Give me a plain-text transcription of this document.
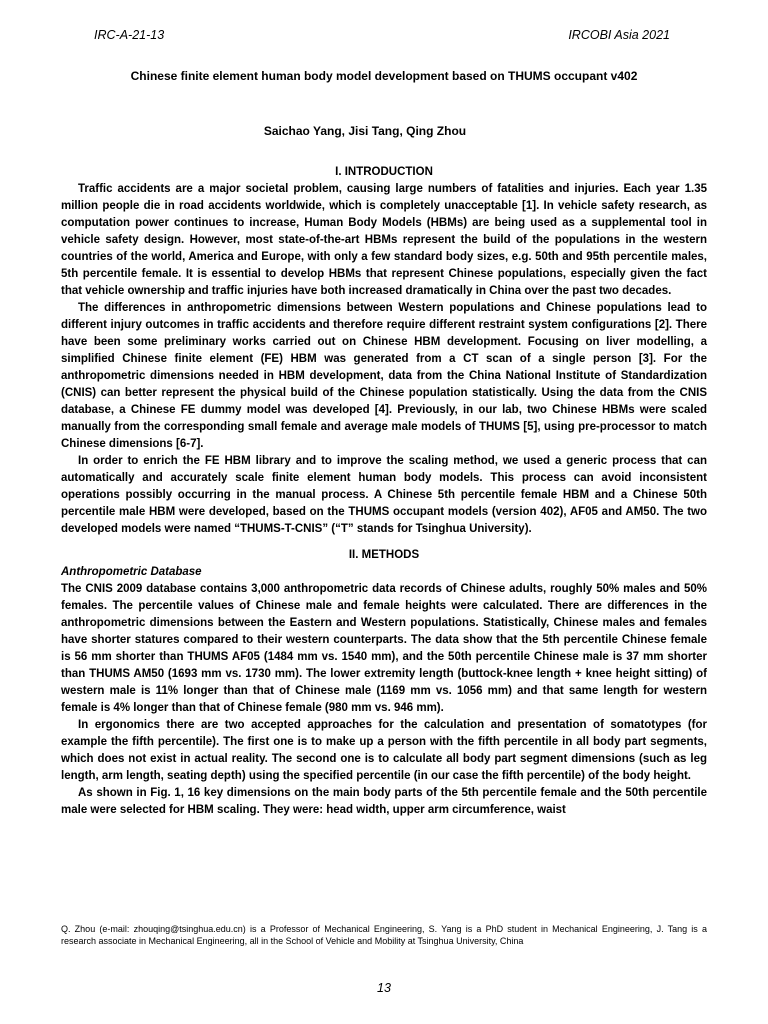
IRC-A-21-13	IRCOBI Asia 2021
Chinese finite element human body model development based on THUMS occupant v402
Saichao Yang, Jisi Tang, Qing Zhou

I. INTRODUCTION

Traffic accidents are a major societal problem, causing large numbers of fatalities and injuries. Each year 1.35 million people die in road accidents worldwide, which is completely unacceptable [1]. In vehicle safety research, as computation power continues to increase, Human Body Models (HBMs) are being used as a supplemental tool in vehicle safety design. However, most state-of-the-art HBMs represent the build of the populations in the western countries of the world, America and Europe, with only a few standard body sizes, e.g. 50th and 95th percentile males, 5th percentile female. It is essential to develop HBMs that represent Chinese populations, especially given the fact that vehicle ownership and traffic injuries have both increased dramatically in China over the past two decades.

The differences in anthropometric dimensions between Western populations and Chinese populations lead to different injury outcomes in traffic accidents and therefore require different restraint system configurations [2]. There have been some preliminary works carried out on Chinese HBM development. Focusing on liver modelling, a simplified Chinese finite element (FE) HBM was generated from a CT scan of a single person [3]. For the anthropometric dimensions needed in HBM development, data from the China National Institute of Standardization (CNIS) can better represent the physical build of the Chinese population statistically. Using the data from the CNIS database, a Chinese FE dummy model was developed [4]. Previously, in our lab, two Chinese HBMs were scaled manually from the corresponding small female and average male models of THUMS [5], using pre-processor to match Chinese dimensions [6-7].

In order to enrich the FE HBM library and to improve the scaling method, we used a generic process that can automatically and accurately scale finite element human body models. This process can avoid inconsistent operations possibly occurring in the manual process. A Chinese 5th percentile female HBM and a Chinese 50th percentile male HBM were developed, based on the THUMS occupant models (version 402), AF05 and AM50. The two developed models were named “THUMS-T-CNIS” (“T” stands for Tsinghua University).

II. METHODS

Anthropometric Database

The CNIS 2009 database contains 3,000 anthropometric data records of Chinese adults, roughly 50% males and 50% females. The percentile values of Chinese male and female heights were calculated. There are differences in the anthropometric dimensions between the Eastern and Western populations. Statistically, Chinese males and females have shorter statures compared to their western counterparts. The data show that the 5th percentile Chinese female is 56 mm shorter than THUMS AF05 (1484 mm vs. 1540 mm), and the 50th percentile Chinese male is 37 mm shorter than THUMS AM50 (1693 mm vs. 1730 mm). The lower extremity length (buttock-knee length + knee height sitting) of western male is 11% longer than that of Chinese male (1169 mm vs. 1056 mm) and that same length for western female is 4% longer than that of Chinese female (980 mm vs. 946 mm).

In ergonomics there are two accepted approaches for the calculation and presentation of somatotypes (for example the fifth percentile). The first one is to make up a person with the fifth percentile in all body part segments, which does not exist in actual reality. The second one is to calculate all body part segment dimensions (such as leg length, arm length, seating depth) using the specified percentile (in our case the fifth percentile) of the body height.

As shown in Fig. 1, 16 key dimensions on the main body parts of the 5th percentile female and the 50th percentile male were selected for HBM scaling. They were: head width, upper arm circumference, waist

Q. Zhou (e-mail: zhouqing@tsinghua.edu.cn) is a Professor of Mechanical Engineering, S. Yang is a PhD student in Mechanical Engineering, J. Tang is a research associate in Mechanical Engineering, all in the School of Vehicle and Mobility at Tsinghua University, China
13
